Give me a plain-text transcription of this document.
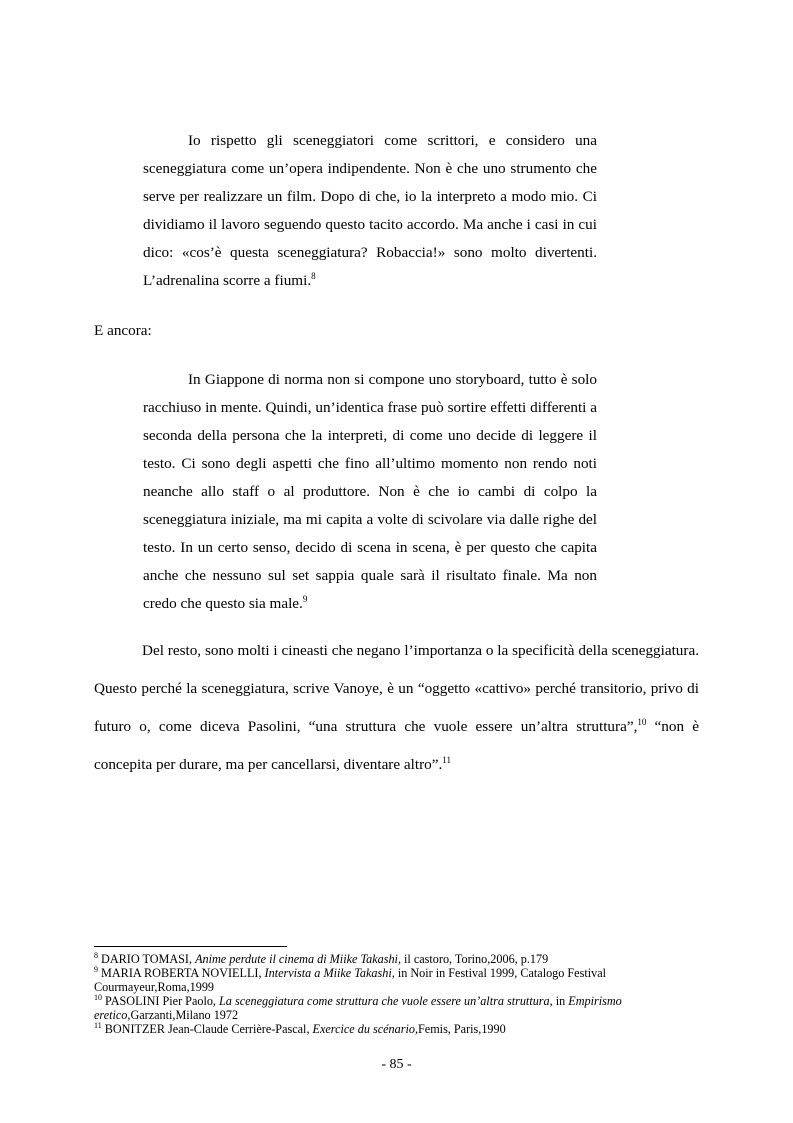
Io rispetto gli sceneggiatori come scrittori, e considero una sceneggiatura come un’opera indipendente. Non è che uno strumento che serve per realizzare un film. Dopo di che, io la interpreto a modo mio. Ci dividiamo il lavoro seguendo questo tacito accordo. Ma anche i casi in cui dico: «cos’è questa sceneggiatura? Robaccia!» sono molto divertenti. L’adrenalina scorre a fiumi.$^8$

E ancora:

In Giappone di norma non si compone uno storyboard, tutto è solo racchiuso in mente. Quindi, un’identica frase può sortire effetti differenti a seconda della persona che la interpreti, di come uno decide di leggere il testo. Ci sono degli aspetti che fino all’ultimo momento non rendo noti neanche allo staff o al produttore. Non è che io cambi di colpo la sceneggiatura iniziale, ma mi capita a volte di scivolare via dalle righe del testo. In un certo senso, decido di scena in scena, è per questo che capita anche che nessuno sul set sappia quale sarà il risultato finale. Ma non credo che questo sia male.$^9$

Del resto, sono molti i cineasti che negano l’importanza o la specificità della sceneggiatura. Questo perché la sceneggiatura, scrive Vanoye, è un “oggetto «cattivo» perché transitorio, privo di futuro o, come diceva Pasolini, “una struttura che vuole essere un’altra struttura”,$^{10}$ “non è concepita per durare, ma per cancellarsi, diventare altro”.$^{11}$

$^8$ DARIO TOMASI, Anime perdute il cinema di Miike Takashi, il castoro, Torino,2006, p.179

$^9$ MARIA ROBERTA NOVIELLI, Intervista a Miike Takashi, in Noir in Festival 1999, Catalogo Festival Courmayeur,Roma,1999

$^{10}$ PASOLINI Pier Paolo, La sceneggiatura come struttura che vuole essere un’altra struttura, in Empirismo eretico,Garzanti,Milano 1972

$^{11}$ BONITZER Jean-Claude Cerrière-Pascal, Exercice du scénario,Femis, Paris,1990

- 85 -
